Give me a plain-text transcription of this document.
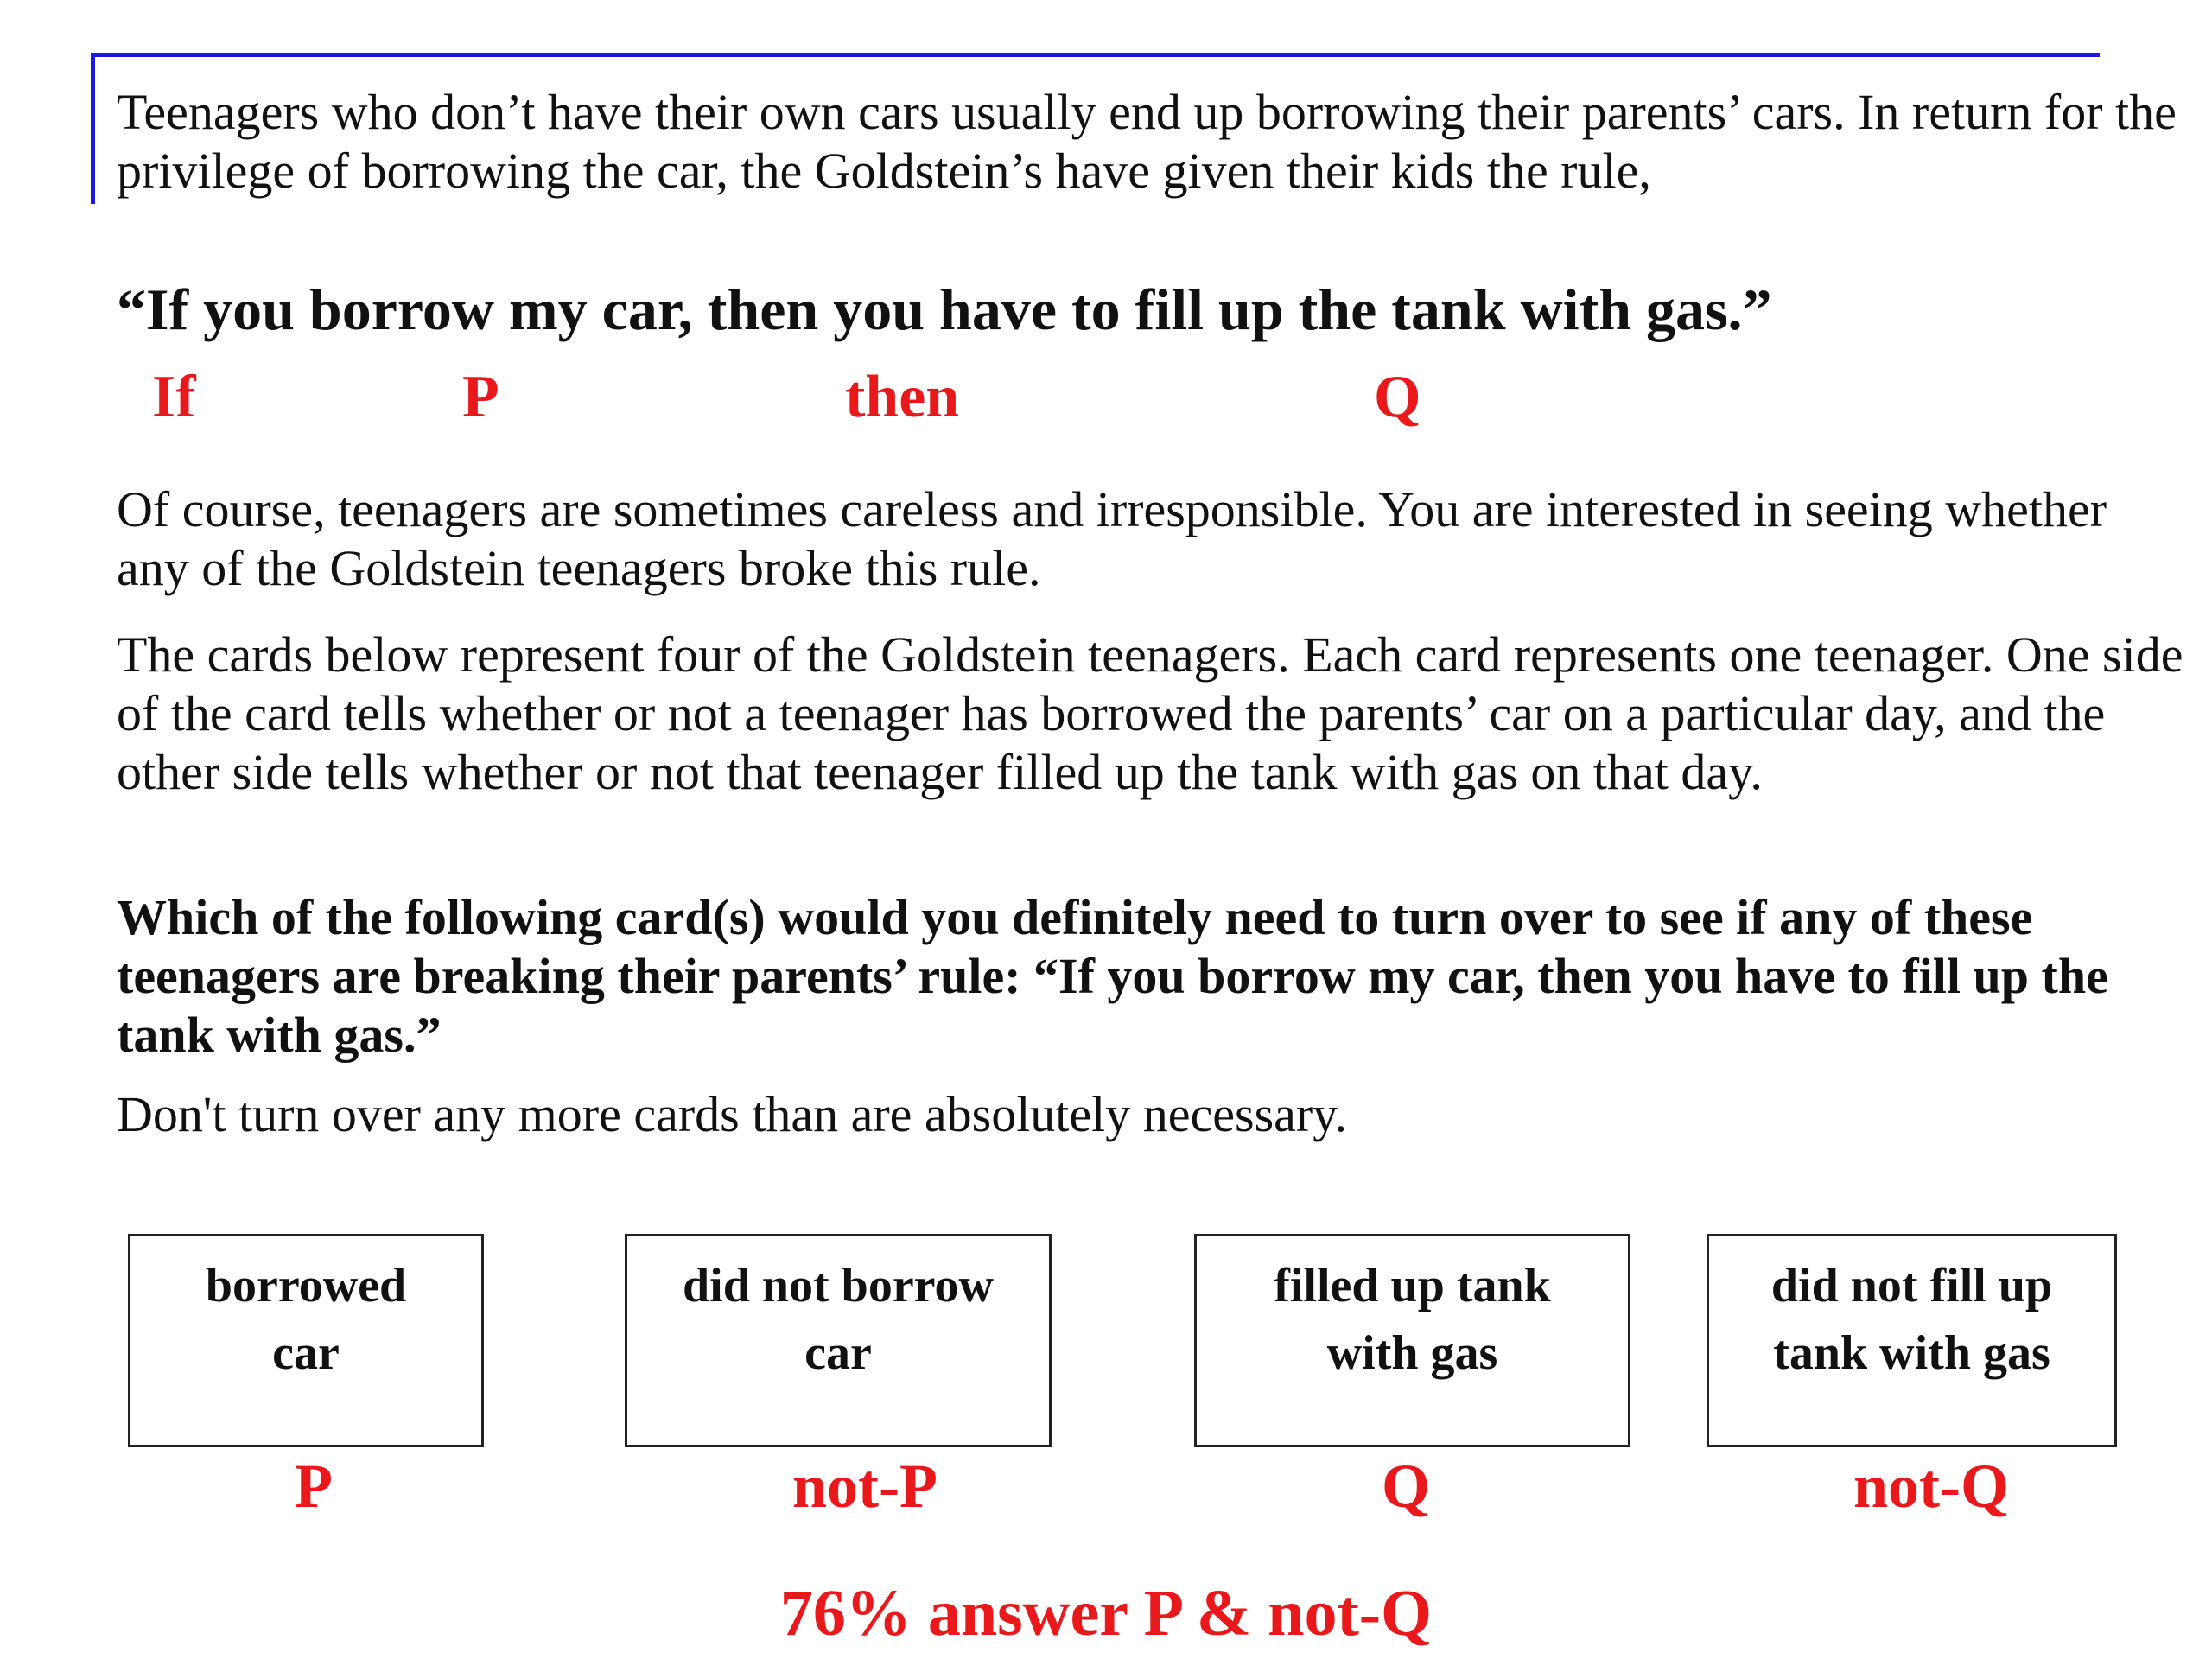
Teenagers who don’t have their own cars usually end up borrowing their parents’ cars. In return for the privilege of borrowing the car, the Goldstein’s have given their kids the rule,

“If you borrow my car, then you have to fill up the tank with gas.”

If	P	then	Q

Of course, teenagers are sometimes careless and irresponsible. You are interested in seeing whether any of the Goldstein teenagers broke this rule.

The cards below represent four of the Goldstein teenagers. Each card represents one teenager. One side of the card tells whether or not a teenager has borrowed the parents’ car on a particular day, and the other side tells whether or not that teenager filled up the tank with gas on that day.

Which of the following card(s) would you definitely need to turn over to see if any of these teenagers are breaking their parents’ rule: “If you borrow my car, then you have to fill up the tank with gas.”

Don't turn over any more cards than are absolutely necessary.

borrowed
car
did not borrow
car
filled up tank
with gas
did not fill up
tank with gas
P	not-P	Q	not-Q
76% answer P & not-Q
